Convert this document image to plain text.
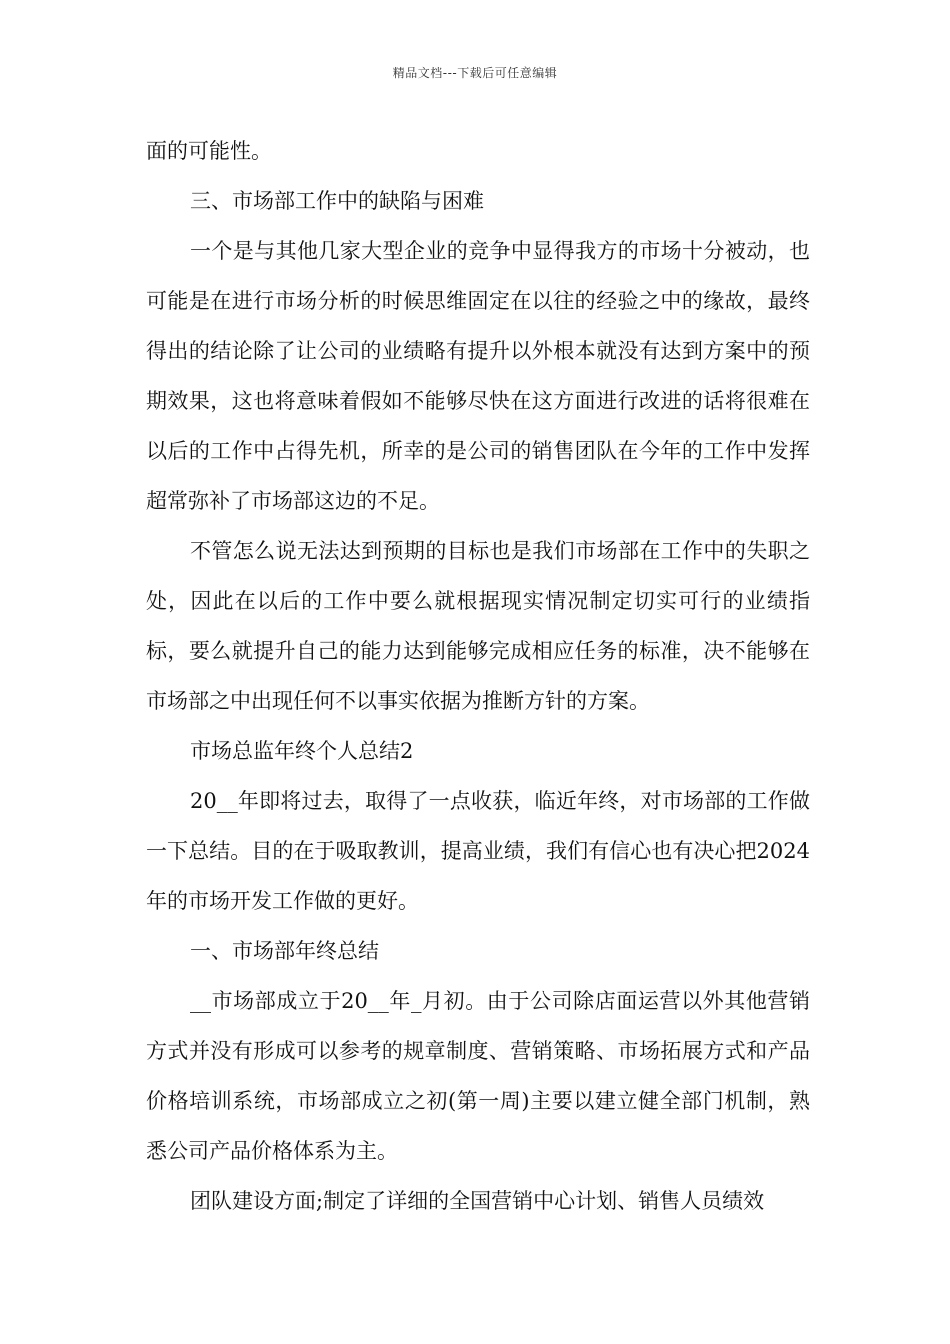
精品文档---下载后可任意编辑

面的可能性。

三、市场部工作中的缺陷与困难

一个是与其他几家大型企业的竞争中显得我方的市场十分被动，也可能是在进行市场分析的时候思维固定在以往的经验之中的缘故，最终得出的结论除了让公司的业绩略有提升以外根本就没有达到方案中的预期效果，这也将意味着假如不能够尽快在这方面进行改进的话将很难在以后的工作中占得先机，所幸的是公司的销售团队在今年的工作中发挥超常弥补了市场部这边的不足。

不管怎么说无法达到预期的目标也是我们市场部在工作中的失职之处，因此在以后的工作中要么就根据现实情况制定切实可行的业绩指标，要么就提升自己的能力达到能够完成相应任务的标准，决不能够在市场部之中出现任何不以事实依据为推断方针的方案。

市场总监年终个人总结2

20__年即将过去，取得了一点收获，临近年终，对市场部的工作做一下总结。目的在于吸取教训，提高业绩，我们有信心也有决心把2024年的市场开发工作做的更好。

一、市场部年终总结

__市场部成立于20__年_月初。由于公司除店面运营以外其他营销方式并没有形成可以参考的规章制度、营销策略、市场拓展方式和产品价格培训系统，市场部成立之初(第一周)主要以建立健全部门机制，熟悉公司产品价格体系为主。

团队建设方面;制定了详细的全国营销中心计划、销售人员绩效
